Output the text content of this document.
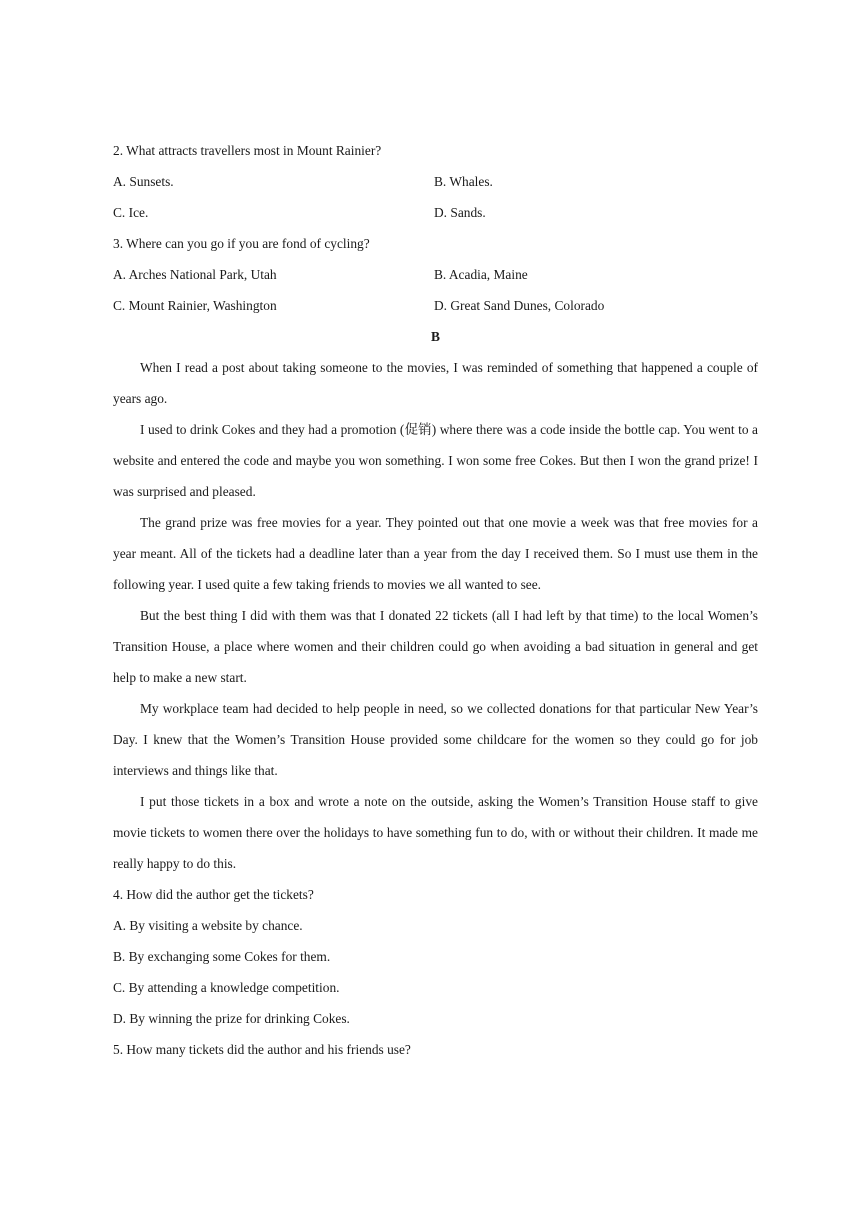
2. What attracts travellers most in Mount Rainier?

A. Sunsets.	B. Whales.
C. Ice.	D. Sands.

3. Where can you go if you are fond of cycling?

A. Arches National Park, Utah	B. Acadia, Maine
C. Mount Rainier, Washington	D. Great Sand Dunes, Colorado

B

When I read a post about taking someone to the movies, I was reminded of something that happened a couple of years ago.

I used to drink Cokes and they had a promotion (促销) where there was a code inside the bottle cap. You went to a website and entered the code and maybe you won something. I won some free Cokes. But then I won the grand prize! I was surprised and pleased.

The grand prize was free movies for a year. They pointed out that one movie a week was that free movies for a year meant. All of the tickets had a deadline later than a year from the day I received them. So I must use them in the following year. I used quite a few taking friends to movies we all wanted to see.

But the best thing I did with them was that I donated 22 tickets (all I had left by that time) to the local Women’s Transition House, a place where women and their children could go when avoiding a bad situation in general and get help to make a new start.

My workplace team had decided to help people in need, so we collected donations for that particular New Year’s Day. I knew that the Women’s Transition House provided some childcare for the women so they could go for job interviews and things like that.

I put those tickets in a box and wrote a note on the outside, asking the Women’s Transition House staff to give movie tickets to women there over the holidays to have something fun to do, with or without their children. It made me really happy to do this.

4. How did the author get the tickets?

A. By visiting a website by chance.

B. By exchanging some Cokes for them.

C. By attending a knowledge competition.

D. By winning the prize for drinking Cokes.

5. How many tickets did the author and his friends use?
